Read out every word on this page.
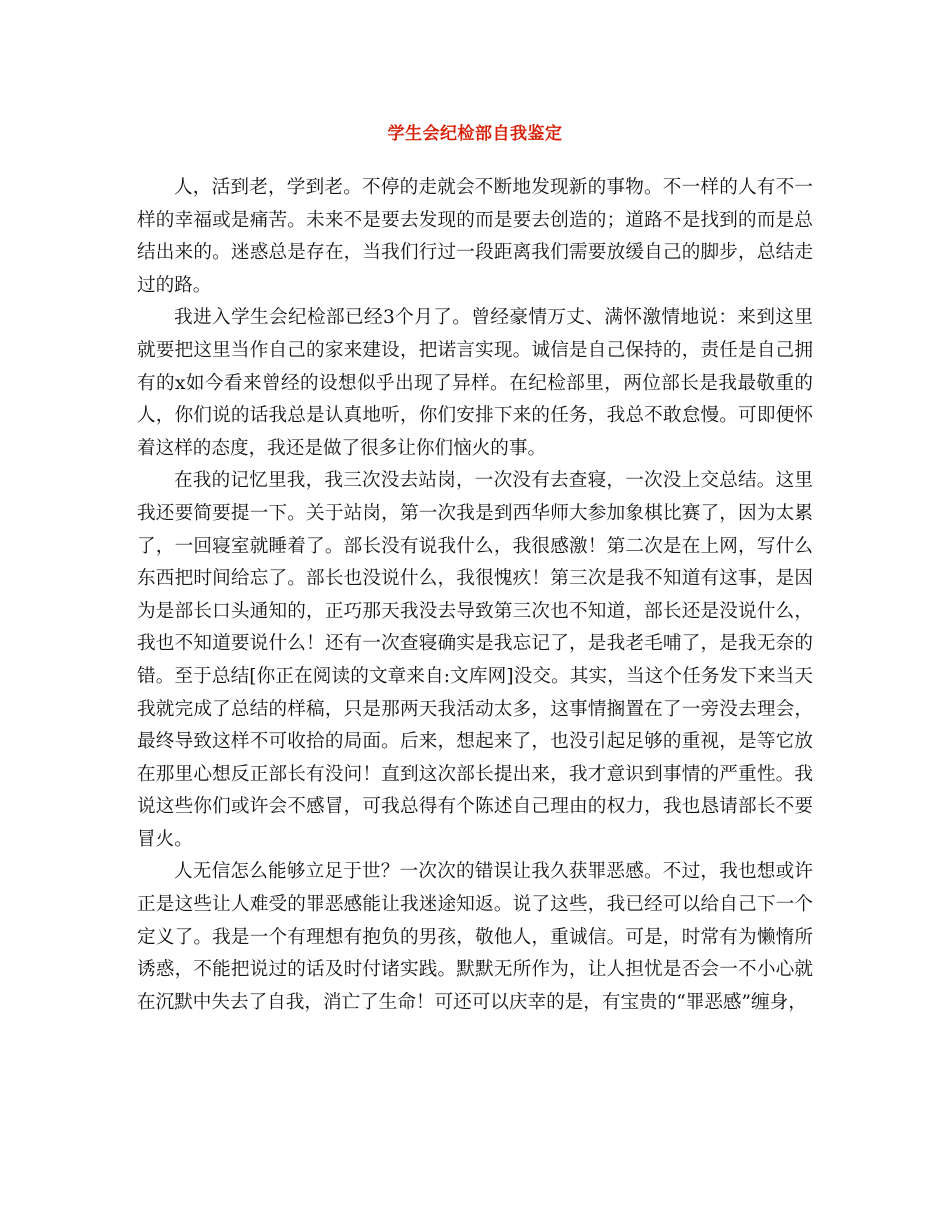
学生会纪检部自我鉴定

人，活到老，学到老。不停的走就会不断地发现新的事物。不一样的人有不一样的幸福或是痛苦。未来不是要去发现的而是要去创造的；道路不是找到的而是总结出来的。迷惑总是存在，当我们行过一段距离我们需要放缓自己的脚步，总结走过的路。

我进入学生会纪检部已经3个月了。曾经豪情万丈、满怀激情地说：来到这里就要把这里当作自己的家来建设，把诺言实现。诚信是自己保持的，责任是自己拥有的x如今看来曾经的设想似乎出现了异样。在纪检部里，两位部长是我最敬重的人，你们说的话我总是认真地听，你们安排下来的任务，我总不敢怠慢。可即便怀着这样的态度，我还是做了很多让你们恼火的事。

在我的记忆里我，我三次没去站岗，一次没有去查寝，一次没上交总结。这里我还要简要提一下。关于站岗，第一次我是到西华师大参加象棋比赛了，因为太累了，一回寝室就睡着了。部长没有说我什么，我很感激！第二次是在上网，写什么东西把时间给忘了。部长也没说什么，我很愧疚！第三次是我不知道有这事，是因为是部长口头通知的，正巧那天我没去导致第三次也不知道，部长还是没说什么，我也不知道要说什么！还有一次查寝确实是我忘记了，是我老毛哺了，是我无奈的错。至于总结[你正在阅读的文章来自:文库网]没交。其实，当这个任务发下来当天我就完成了总结的样稿，只是那两天我活动太多，这事情搁置在了一旁没去理会，最终导致这样不可收拾的局面。后来，想起来了，也没引起足够的重视，是等它放在那里心想反正部长有没问！直到这次部长提出来，我才意识到事情的严重性。我说这些你们或许会不感冒，可我总得有个陈述自己理由的权力，我也恳请部长不要冒火。

人无信怎么能够立足于世？一次次的错误让我久获罪恶感。不过，我也想或许正是这些让人难受的罪恶感能让我迷途知返。说了这些，我已经可以给自己下一个定义了。我是一个有理想有抱负的男孩，敬他人，重诚信。可是，时常有为懒惰所诱惑，不能把说过的话及时付诸实践。默默无所作为，让人担忧是否会一不小心就在沉默中失去了自我，消亡了生命！可还可以庆幸的是，有宝贵的“罪恶感”缠身，
